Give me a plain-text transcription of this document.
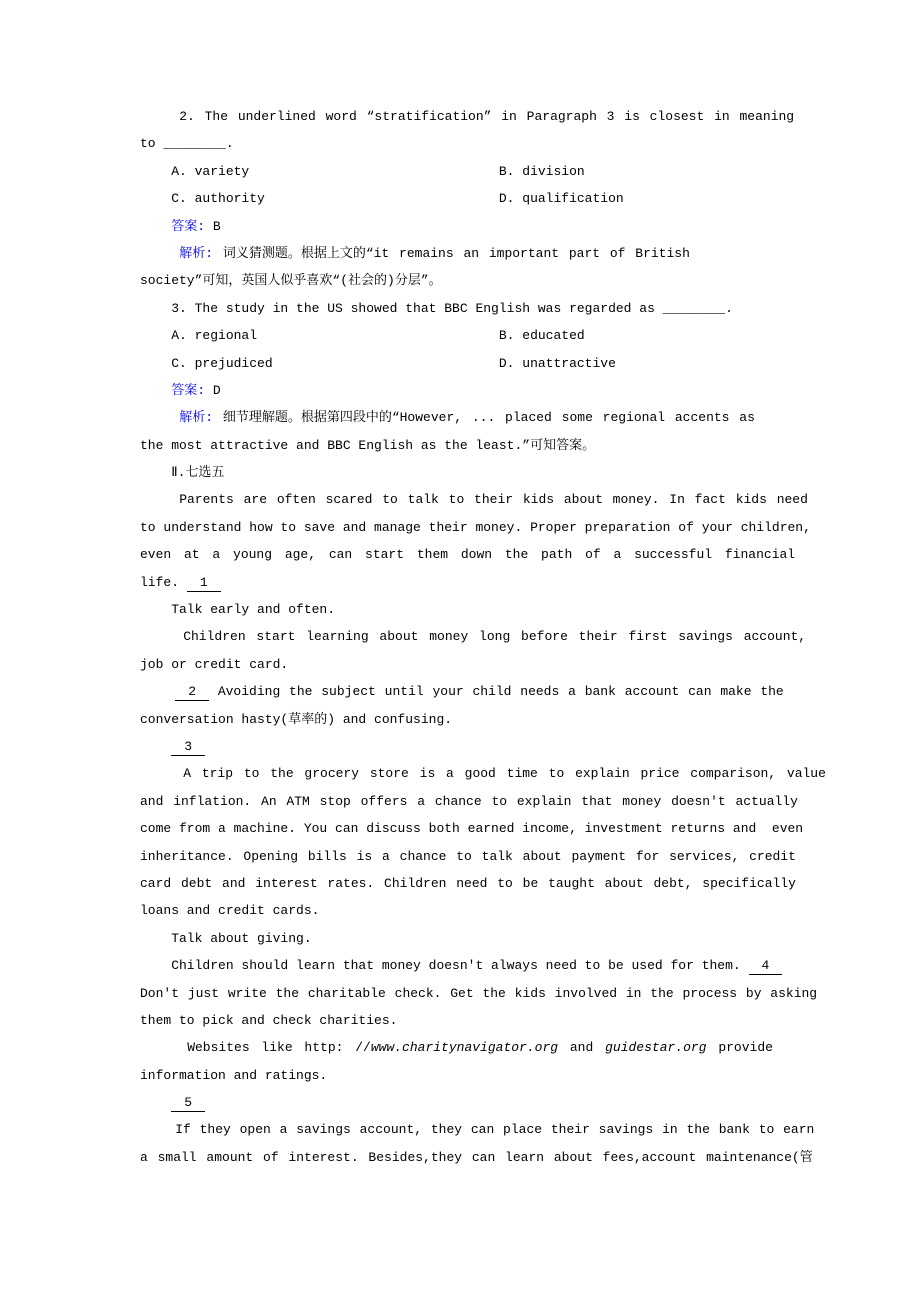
2. The underlined word “stratification” in Paragraph 3 is closest in meaning
to ________.
A. variety                                B. division
C. authority                              D. qualification
答案: B
解析: 词义猜测题。根据上文的“it remains an important part of British
society”可知，英国人似乎喜欢“(社会的)分层”。
3. The study in the US showed that BBC English was regarded as ________.
A. regional                               B. educated
C. prejudiced                             D. unattractive
答案: D
解析: 细节理解题。根据第四段中的“However, ... placed some regional accents as
the most attractive and BBC English as the least.”可知答案。
Ⅱ.七选五
Parents are often scared to talk to their kids about money. In fact kids need
to understand how to save and manage their money. Proper preparation of your children,
even at a young age, can start them down the path of a successful financial
life. 1
Talk early and often.
Children start learning about money long before their first savings account,
job or credit card.
2 Avoiding the subject until your child needs a bank account can make the
conversation hasty(草率的) and confusing.
3
A trip to the grocery store is a good time to explain price comparison, value
and inflation. An ATM stop offers a chance to explain that money doesn't actually
come from a machine. You can discuss both earned income, investment returns and  even
inheritance. Opening bills is a chance to talk about payment for services, credit
card debt and interest rates. Children need to be taught about debt, specifically
loans and credit cards.
Talk about giving.
Children should learn that money doesn't always need to be used for them. 4
Don't just write the charitable check. Get the kids involved in the process by asking
them to pick and check charities.
Websites like http: //www.charitynavigator.org and guidestar.org provide
information and ratings.
5
If they open a savings account, they can place their savings in the bank to earn
a small amount of interest. Besides,they can learn about fees,account maintenance(管
